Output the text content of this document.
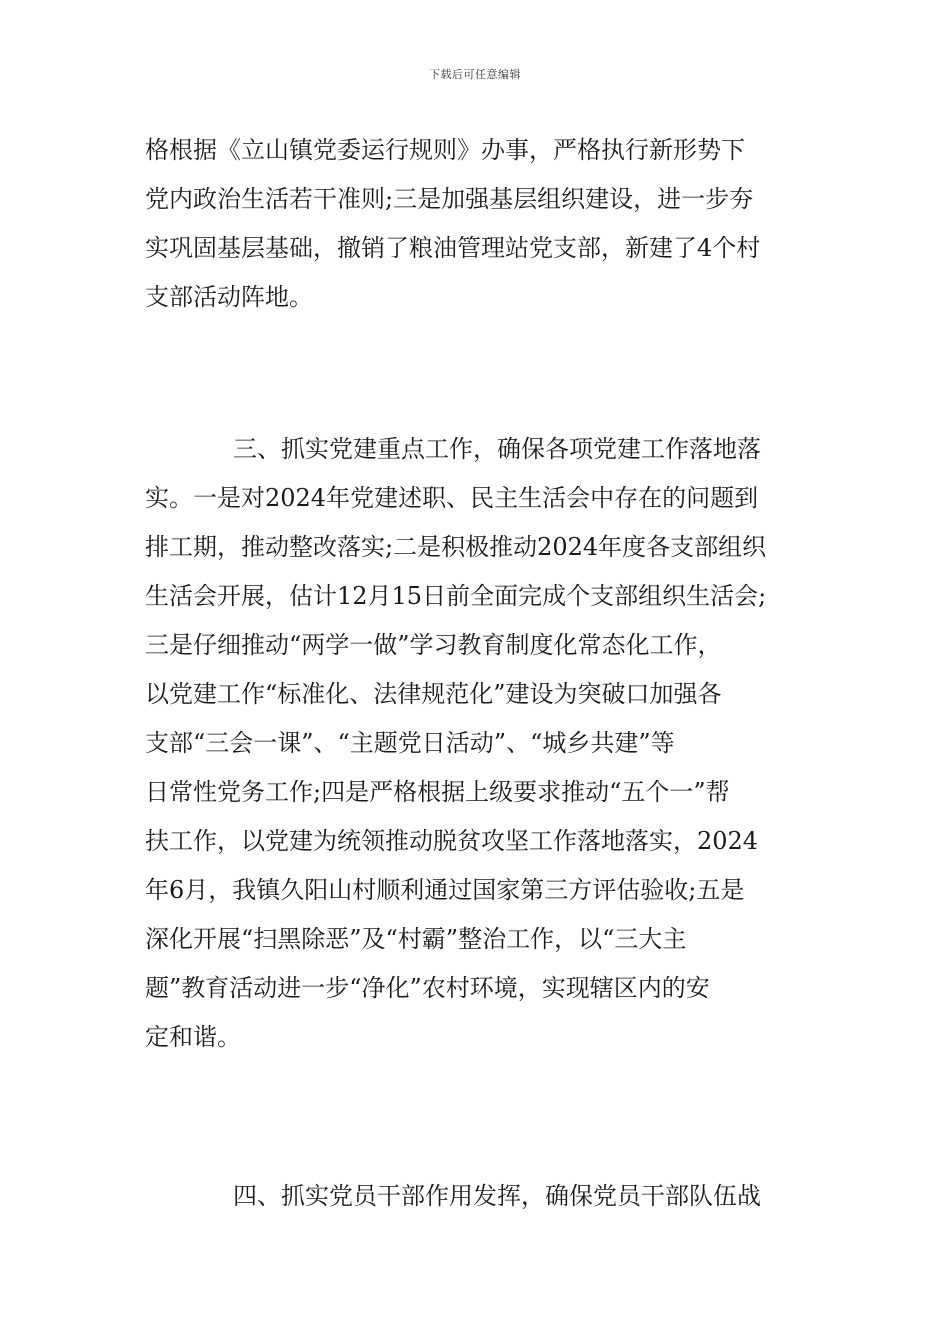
下载后可任意编辑
格根据《立山镇党委运行规则》办事，严格执行新形势下
党内政治生活若干准则;三是加强基层组织建设，进一步夯
实巩固基层基础，撤销了粮油管理站党支部，新建了4个村
支部活动阵地。
三、抓实党建重点工作，确保各项党建工作落地落
实。一是对2024年党建述职、民主生活会中存在的问题到
排工期，推动整改落实;二是积极推动2024年度各支部组织
生活会开展，估计12月15日前全面完成个支部组织生活会;
三是仔细推动“两学一做”学习教育制度化常态化工作，
以党建工作“标准化、法律规范化”建设为突破口加强各
支部“三会一课”、“主题党日活动”、“城乡共建”等
日常性党务工作;四是严格根据上级要求推动“五个一”帮
扶工作，以党建为统领推动脱贫攻坚工作落地落实，2024
年6月，我镇久阳山村顺利通过国家第三方评估验收;五是
深化开展“扫黑除恶”及“村霸”整治工作，以“三大主
题”教育活动进一步“净化”农村环境，实现辖区内的安
定和谐。
四、抓实党员干部作用发挥，确保党员干部队伍战
